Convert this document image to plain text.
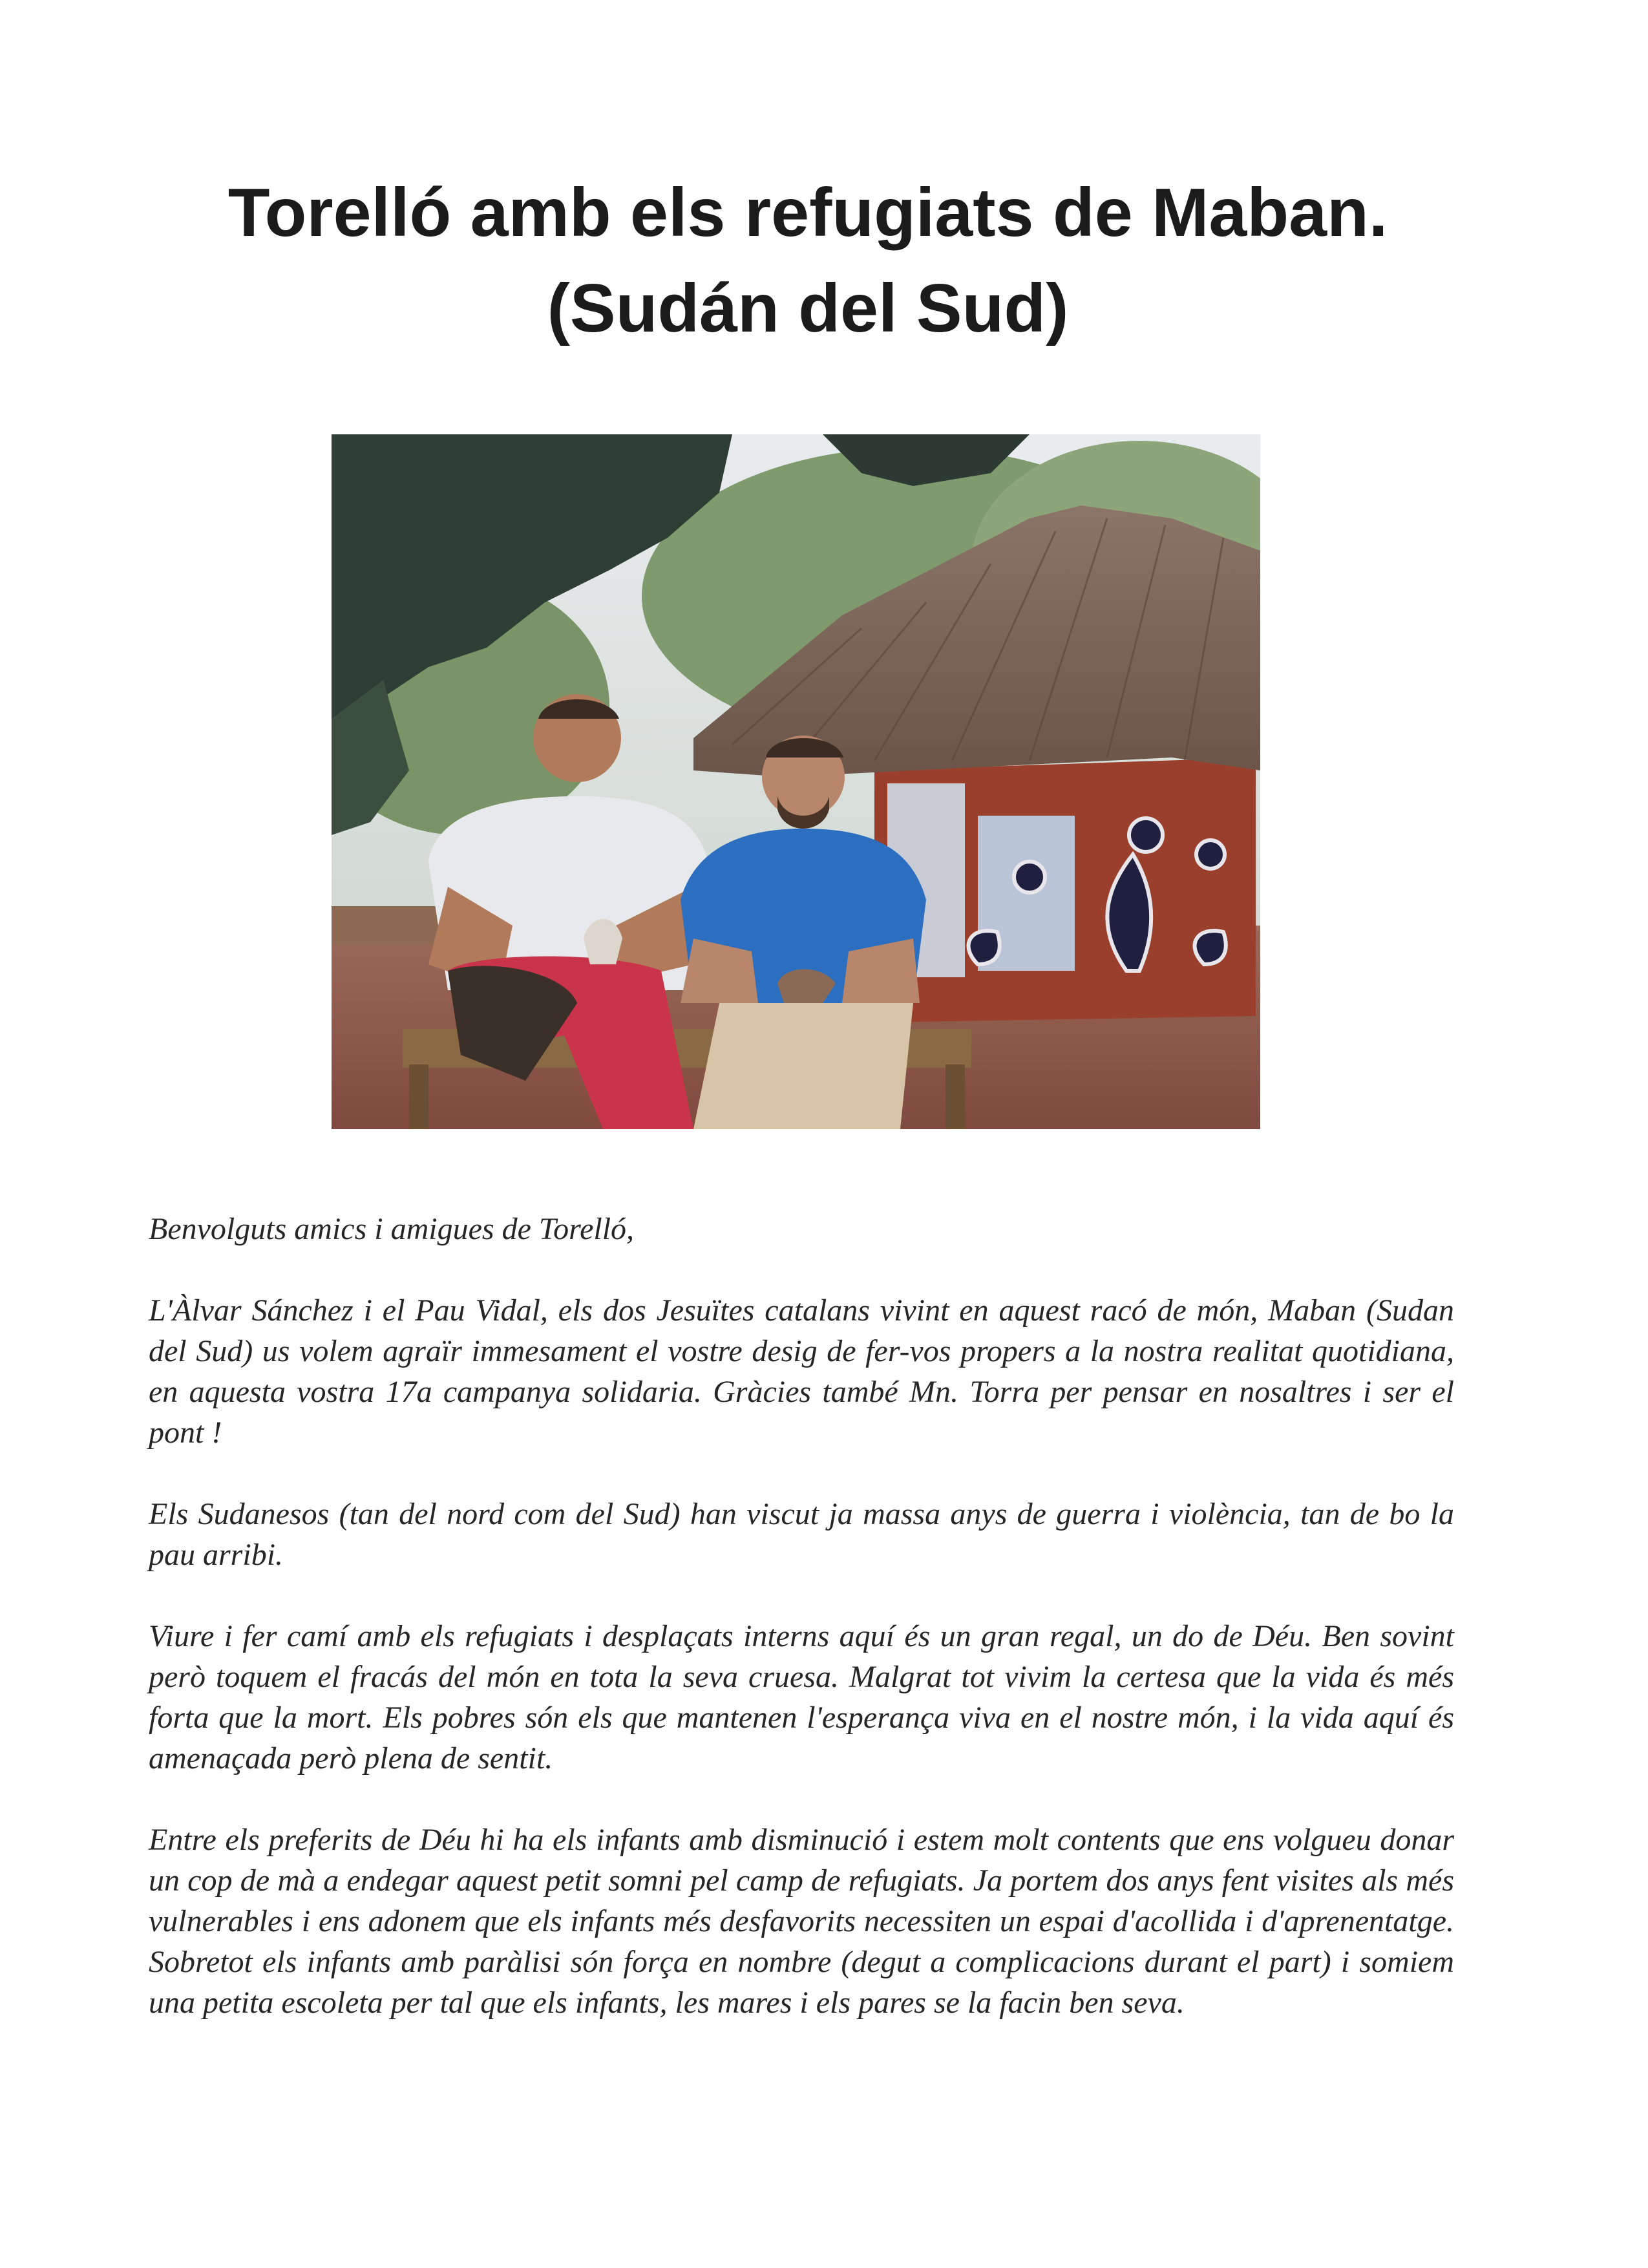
Torelló amb els refugiats de Maban.
(Sudán del Sud)

Benvolguts amics i amigues de Torelló,

L'Àlvar Sánchez i el Pau Vidal, els dos Jesuïtes catalans vivint en aquest racó de món, Maban (Sudan del Sud) us volem agraïr immesament el vostre desig de fer-vos propers a la nostra realitat quotidiana, en aquesta vostra 17a campanya solidaria. Gràcies també Mn. Torra per pensar en nosaltres i ser el pont !

Els Sudanesos (tan del nord com del Sud) han viscut ja massa anys de guerra i violència, tan de bo la pau arribi.

Viure i fer camí amb els refugiats i desplaçats interns aquí és un gran regal, un do de Déu. Ben sovint però toquem el fracás del món en tota la seva cruesa. Malgrat tot vivim la certesa que la vida és més forta que la mort. Els pobres són els que mantenen l'esperança viva en el nostre món, i la vida aquí és amenaçada però plena de sentit.

Entre els preferits de Déu hi ha els infants amb disminució i estem molt contents que ens volgueu donar un cop de mà a endegar aquest petit somni pel camp de refugiats. Ja portem dos anys fent visites als més vulnerables i ens adonem que els infants més desfavorits necessiten un espai d'acollida i d'aprenentatge. Sobretot els infants amb paràlisi són força en nombre (degut a complicacions durant el part) i somiem una petita escoleta per tal que els infants, les mares i els pares se la facin ben seva.
